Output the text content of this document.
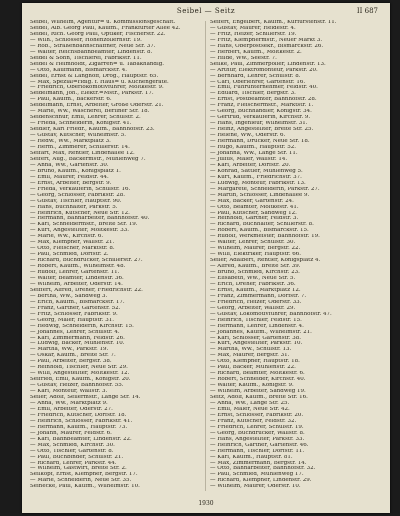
Seibel — Seitz	II 687
Seibel, Wilhelm, Agentur= u. Kommissionsgeschäft.
Seidel, Alb. Georg Paul, Kaufm., Frankfurter Allee 42.
Seidel, Rich. Georg Paul, Optiker, Fischerstr. 22.
— Wilh., Schlosser, Hohenzollernstr. 19.
— Rob., Straßenbahnschaffner, Neue Str. 37.
— Walter, Reichsbahnbeamter, Lindenstr. 8.
Seidel & Sohn, Tischlerei, Fabrikstr. 11.
Seidel & Helmholdt, Zigarren= u. Tabakhandlg.
— Otto, Kaufmann, Bismarckstr. 4.
Seidel, Ernst & Langhoff, Drog., Hauptstr. 65.
— Max, Spezial=Hdlg. f. Haus= u. Küchengeräte.
— Friedrich, Oberlokomotivführer, Moltkestr. 9.
Seidelmann, Joh., Elektr.=Mstr., Parkstr. 17.
— Paul, Kaufm., Bäckerstr. 6.
Seidelmann, Ernst, Arbeiter, Große Oderstr. 21.
— Marie, Ww., Wäscherei, Berliner Str. 18.
Seidenschnur, Emil, Lehrer, Schulstr. 2.
— Frieda, Schneiderin, Königstr. 41.
Seidler, Karl Friedr., Kaufm., Bahnhofstr. 23.
— Gustav, Kutscher, Wilhelmstr. 5.
— Hedw., Ww., Marktplatz 3.
— Herm., Zimmerer, Schillerstr. 14.
Seifart, Max, Rentier, Lindenallee 12.
Seifert, Aug., Bäckermstr., Mühlenweg 7.
— Anna, Ww., Gartenstr. 30.
— Bruno, Kaufm., Königsplatz 1.
— Emil, Maurer, Feldstr. 44.
— Ernst, Arbeiter, Bergstr. 9.
— Frieda, Verkäuferin, Schulstr. 16.
— Georg, Schlosser, Fabrikstr. 28.
— Gustav, Tischler, Hauptstr. 90.
— Hans, Buchhalter, Parkstr. 5.
— Heinrich, Kutscher, Neue Str. 12.
— Hermann, Bahnarbeiter, Bahnhofstr. 40.
— Karl, Schneidermstr., Breite Str. 19.
— Kurt, Angestellter, Moltkestr. 33.
— Marie, Ww., Kirchstr. 6.
— Max, Klempner, Wallstr. 21.
— Otto, Fleischer, Marktstr. 8.
— Paul, Schmied, Dorfstr. 2.
— Richard, Buchdrucker, Schillerstr. 27.
— Robert, Kaufm., Wilhelmstr. 48.
— Rudolf, Lehrer, Gartenstr. 11.
— Walter, Beamter, Lindenstr. 36.
— Wilhelm, Arbeiter, Oderstr. 14.
Seiffert, Alfred, Dreher, Friedrichstr. 22.
— Bertha, Ww., Sandweg 3.
— Erich, Kaufm., Bismarckstr. 17.
— Franz, Gärtner, Gartenstr. 52.
— Fritz, Schlosser, Fabrikstr. 9.
— Georg, Maler, Hauptstr. 31.
— Hedwig, Schneiderin, Kirchstr. 15.
— Johannes, Lehrer, Schulstr. 4.
— Karl, Zimmermann, Feldstr. 26.
— Ludwig, Bäcker, Mühlenstr. 10.
— Martha, Ww., Parkstr. 19.
— Oskar, Kaufm., Breite Str. 7.
— Paul, Arbeiter, Bergstr. 38.
— Reinhold, Tischler, Neue Str. 29.
— Willi, Angestellter, Moltkestr. 12.
Seifried, Emil, Kaufm., Königstr. 20.
— Gustav, Heizer, Bahnhofstr. 55.
— Karl, Monteur, Wallstr. 3.
Seiler, Adolf, Seilermstr., Lange Str. 14.
— Anna, Ww., Marktplatz 9.
— Emil, Arbeiter, Oderstr. 27.
— Friedrich, Kutscher, Dorfstr. 18.
— Heinrich, Schlosser, Fabrikstr. 41.
— Hermann, Kaufm., Hauptstr. 73.
— Johann, Maurer, Feldstr. 6.
— Karl, Bahnbeamter, Lindenstr. 22.
— Max, Schmied, Kirchstr. 30.
— Otto, Tischler, Gartenstr. 8.
— Paul, Buchbinder, Schulstr. 21.
— Richard, Lehrer, Parkstr. 44.
— Wilhelm, Gastwirt, Breite Str. 2.
Seilkopf, Ernst, Klempner, Bergstr. 17.
— Marie, Schneiderin, Neue Str. 35.
Seinecke, Paul, Kaufm., Wilhelmstr. 10.
Seifert, Engelbert, Kaufm., Kurfürstenstr. 11.
— Gustav, Maurer, Heidestr. 4.
— Fritz, Heizer, Schillerstr. 19.
— Fritz, Klempnermstr., Neuer Markt 3.
— Hans, Oberpostsekr., Bismarckstr. 26.
— Herbert, Kaufm., Moltkestr. 2.
— Hilde, Ww., Seestr. 7.
Seilke, Paul, Zimmerpolier, Lindenstr. 13.
— Arthur, Elektromonteur, Parkstr. 20.
— Bernhard, Lehrer, Schulstr. 8.
— Carl, Oberlehrer, Gartenstr. 16.
— Emil, Fuhrunternehmer, Feldstr. 40.
— Eduard, Tischler, Bergstr. 3.
— Ernst, Postbeamter, Bahnhofstr. 28.
— Franz, Fleischermstr., Marktstr. 1.
— Georg, Buchhändler, Königstr. 34.
— Gertrud, Verkäuferin, Kirchstr. 9.
— Hans, Ingenieur, Wilhelmstr. 31.
— Heinz, Angestellter, Breite Str. 25.
— Helene, Ww., Oderstr. 6.
— Hermann, Drucker, Neue Str. 18.
— Hugo, Kaufm., Hauptstr. 52.
— Johanna, Ww., Lange Str. 11.
— Julius, Maler, Wallstr. 14.
— Karl, Arbeiter, Dorfstr. 20.
— Konrad, Sattler, Mühlenweg 5.
— Kurt, Kaufm., Friedrichstr. 37.
— Ludwig, Monteur, Fabrikstr. 13.
— Margarete, Schneiderin, Parkstr. 27.
— Martin, Schlosser, Lindenallee 9.
— Max, Bäcker, Gartenstr. 24.
— Otto, Beamter, Moltkestr. 41.
— Paul, Kutscher, Sandweg 12.
— Reinhold, Gärtner, Feldstr. 3.
— Richard, Buchhalter, Schillerstr. 8.
— Robert, Kaufm., Bismarckstr. 15.
— Rudolf, Werkmeister, Bahnhofstr. 19.
— Walter, Lehrer, Schulstr. 30.
— Wilhelm, Maurer, Bergstr. 22.
— Willi, Elektriker, Hauptstr. 66.
Seiler, Adalbert, Rentier, Königsplatz 4.
— Alfred, Kaufm., Breite Str. 39.
— Bruno, Schmied, Kirchstr. 23.
— Elisabeth, Ww., Neue Str. 5.
— Erich, Dreher, Fabrikstr. 36.
— Ernst, Kaufm., Marktplatz 12.
— Franz, Zimmermann, Dorfstr. 7.
— Friedrich, Heizer, Oderstr. 33.
— Georg, Arbeiter, Wallstr. 29.
— Gustav, Lokomotivführer, Bahnhofstr. 47.
— Heinrich, Tischler, Feldstr. 15.
— Hermann, Lehrer, Lindenstr. 4.
— Johannes, Kaufm., Wilhelmstr. 21.
— Karl, Schlosser, Gartenstr. 38.
— Kurt, Angestellter, Parkstr. 10.
— Martha, Ww., Schulstr. 13.
— Max, Maurer, Bergstr. 31.
— Otto, Klempner, Hauptstr. 18.
— Paul, Bäcker, Mühlenstr. 22.
— Richard, Beamter, Moltkestr. 6.
— Robert, Schneider, Kirchstr. 40.
— Walter, Kaufm., Königstr. 9.
— Wilhelm, Arbeiter, Sandweg 19.
Seitz, Adolf, Kaufm., Breite Str. 16.
— Anna, Ww., Lange Str. 25.
— Emil, Maler, Neue Str. 42.
— Ernst, Schlosser, Fabrikstr. 20.
— Franz, Kutscher, Feldstr. 32.
— Friedrich, Lehrer, Schulstr. 19.
— Georg, Buchdrucker, Wallstr. 8.
— Hans, Angestellter, Parkstr. 33.
— Heinrich, Gärtner, Gartenstr. 46.
— Hermann, Tischler, Dorfstr. 11.
— Karl, Kaufm., Hauptstr. 81.
— Max, Zimmermann, Bergstr. 14.
— Otto, Bahnarbeiter, Bahnhofstr. 32.
— Paul, Schmied, Mühlenweg 17.
— Richard, Klempner, Lindenstr. 29.
— Wilhelm, Maurer, Oderstr. 10.
1930
